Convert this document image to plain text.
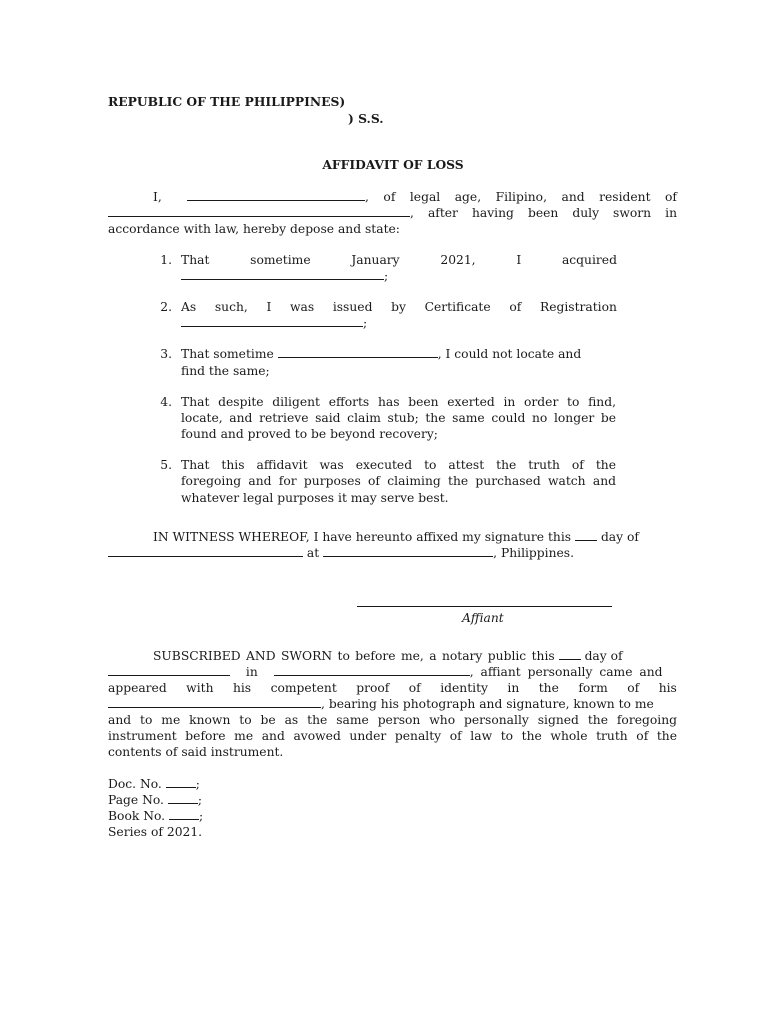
REPUBLIC OF THE PHILIPPINES)
) S.S.
AFFIDAVIT OF LOSS
I,	, of legal age, Filipino, and resident of
, after having been duly sworn in
accordance with law, hereby depose and state:
1. That	sometime	January	2021,	I	acquired
;
2. As such, I was issued by Certificate of Registration
;
3. That sometime	, I could not locate and
find the same;
4. That despite diligent efforts has been exerted in order to find,
locate, and retrieve said claim stub; the same could no longer be
found and proved to be beyond recovery;
5. That this affidavit was executed to attest the truth of the
foregoing and for purposes of claiming the purchased watch and
whatever legal purposes it may serve best.
IN WITNESS WHEREOF, I have hereunto affixed my signature this day of
at	, Philippines.
Affiant
SUBSCRIBED AND SWORN to before me, a notary public this day of
in	, affiant personally came and
appeared with his competent proof of identity in the form of his
, bearing his photograph and signature, known to me
and to me known to be as the same person who personally signed the foregoing
instrument before me and avowed under penalty of law to the whole truth of the
contents of said instrument.
Doc. No.	;
Page No.	;
Book No.	;
Series of 2021.
